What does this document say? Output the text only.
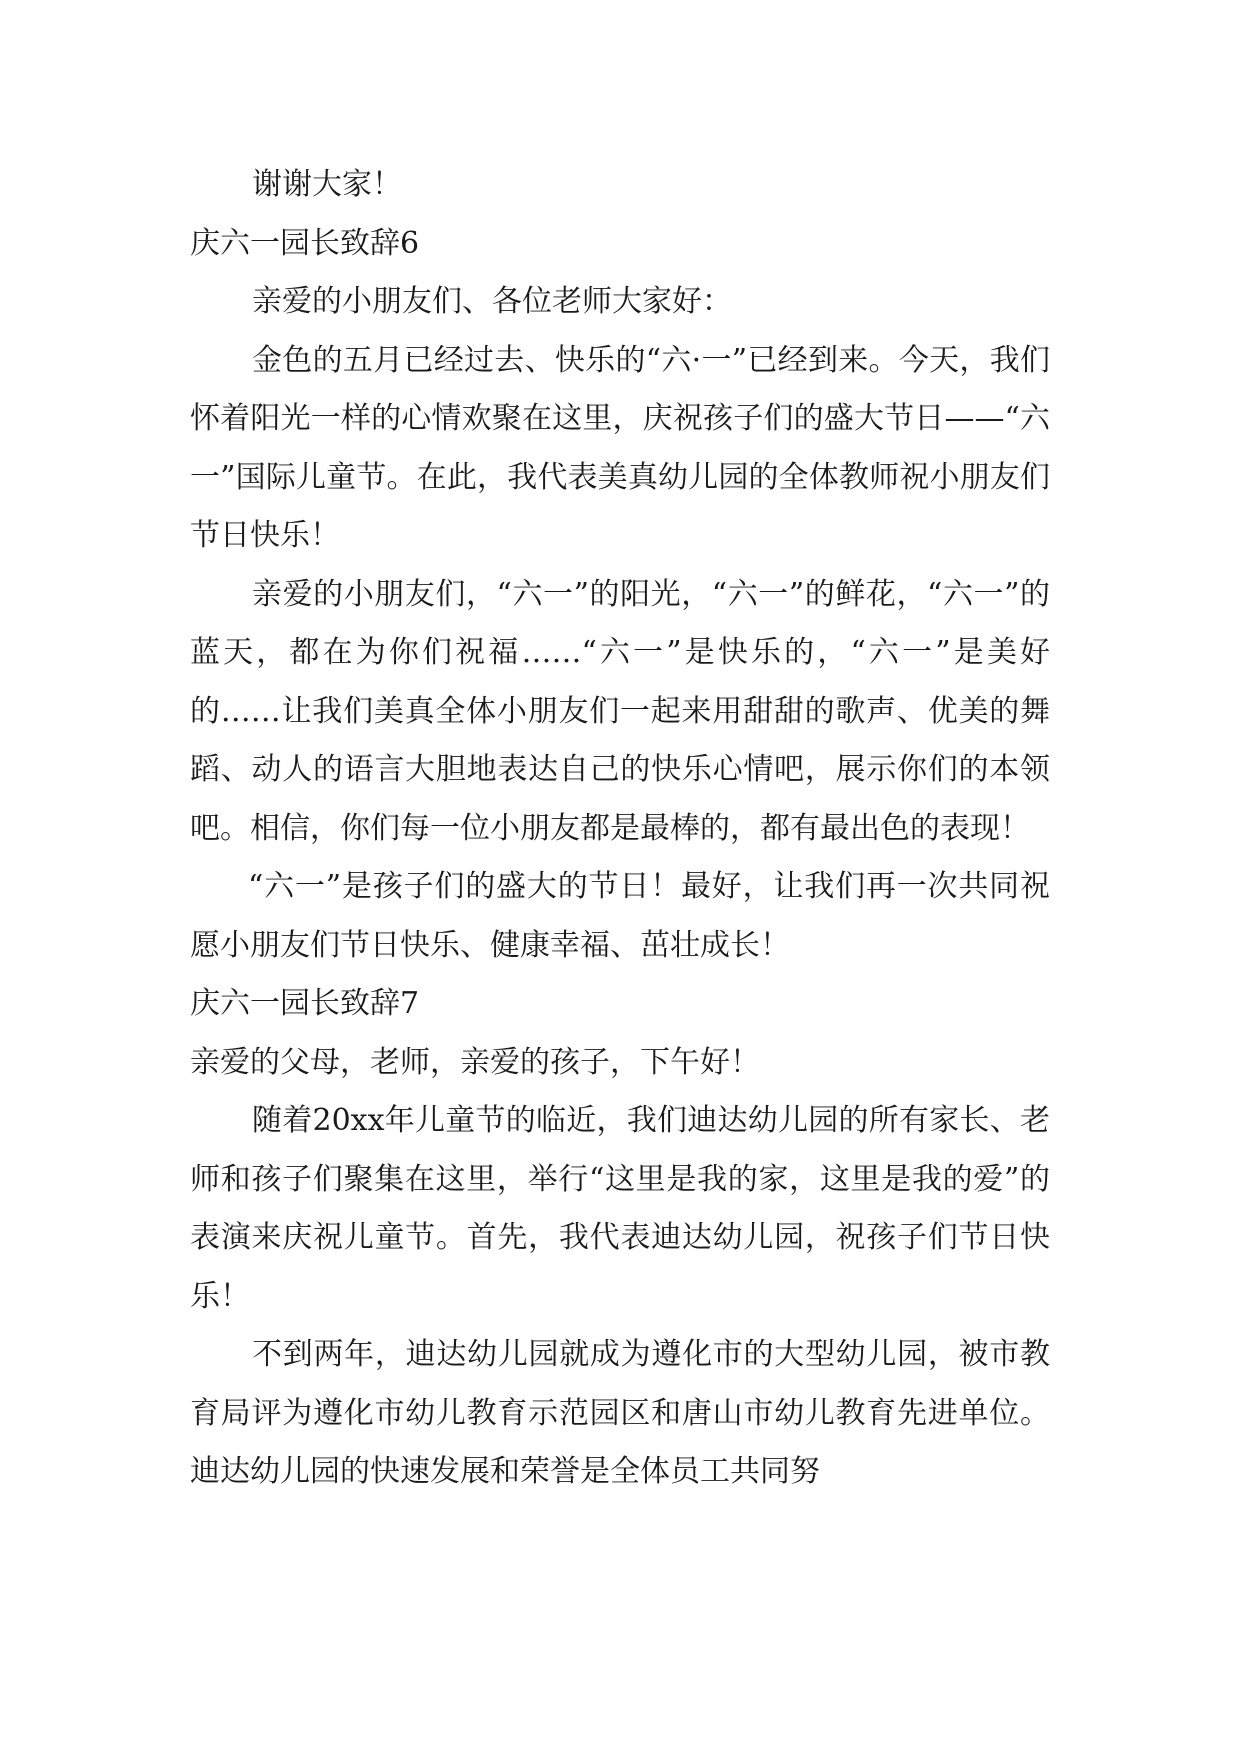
谢谢大家！

庆六一园长致辞6

亲爱的小朋友们、各位老师大家好：

金色的五月已经过去、快乐的“六·一”已经到来。今天，我们怀着阳光一样的心情欢聚在这里，庆祝孩子们的盛大节日——“六一”国际儿童节。在此，我代表美真幼儿园的全体教师祝小朋友们节日快乐！

亲爱的小朋友们，“六一”的阳光，“六一”的鲜花，“六一”的蓝天，都在为你们祝福……“六一”是快乐的，“六一”是美好的……让我们美真全体小朋友们一起来用甜甜的歌声、优美的舞蹈、动人的语言大胆地表达自己的快乐心情吧，展示你们的本领吧。相信，你们每一位小朋友都是最棒的，都有最出色的表现！

“六一”是孩子们的盛大的节日！最好，让我们再一次共同祝愿小朋友们节日快乐、健康幸福、茁壮成长！

庆六一园长致辞7

亲爱的父母，老师，亲爱的孩子，下午好！

随着20xx年儿童节的临近，我们迪达幼儿园的所有家长、老师和孩子们聚集在这里，举行“这里是我的家，这里是我的爱”的表演来庆祝儿童节。首先，我代表迪达幼儿园，祝孩子们节日快乐！

不到两年，迪达幼儿园就成为遵化市的大型幼儿园，被市教育局评为遵化市幼儿教育示范园区和唐山市幼儿教育先进单位。迪达幼儿园的快速发展和荣誉是全体员工共同努
